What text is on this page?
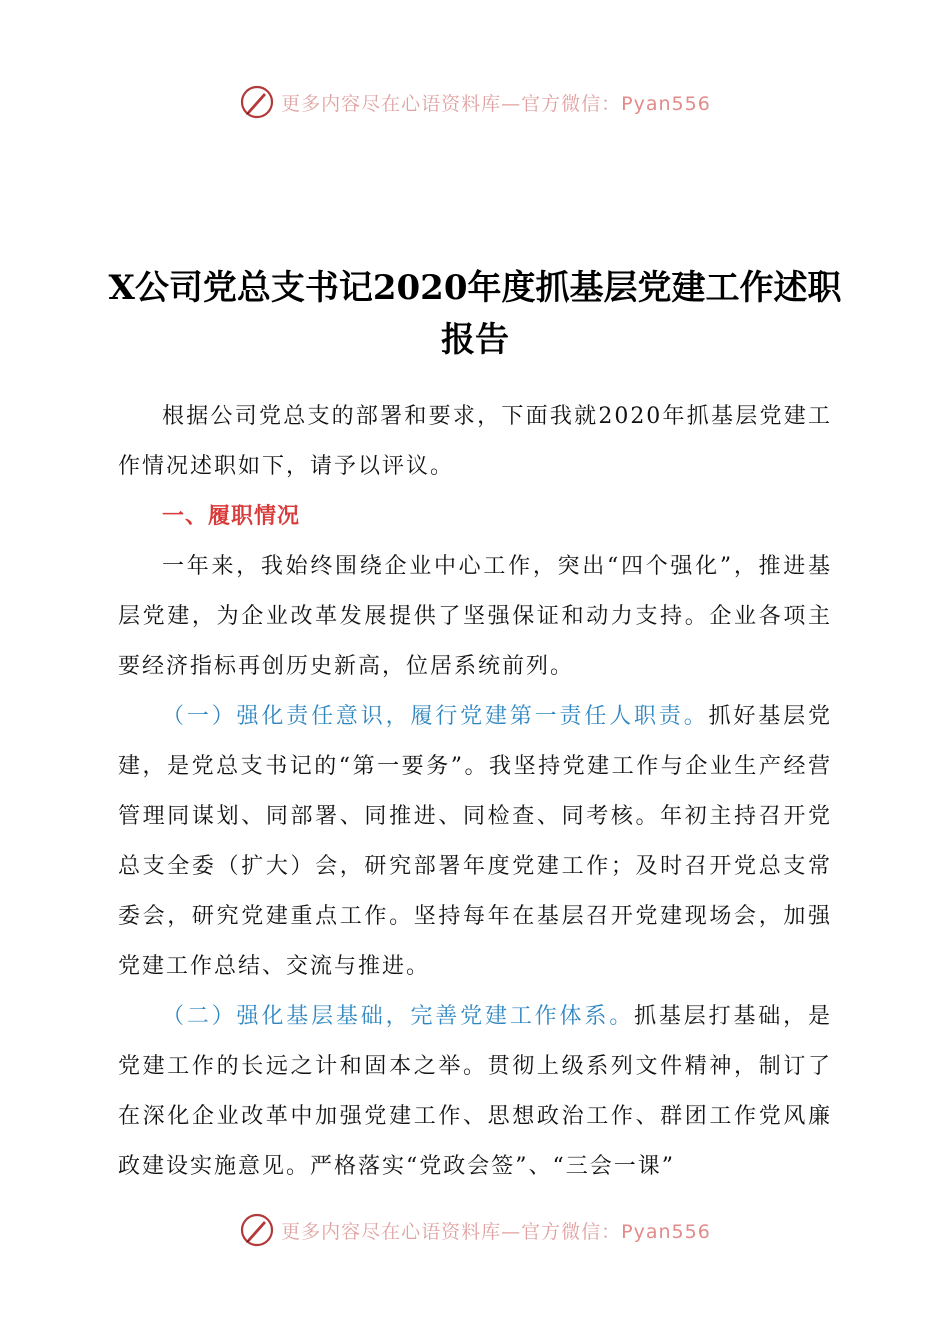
更多内容尽在心语资料库—官方微信：Pyan556
X公司党总支书记2020年度抓基层党建工作述职报告

根据公司党总支的部署和要求，下面我就2020年抓基层党建工作情况述职如下，请予以评议。

一、履职情况

一年来，我始终围绕企业中心工作，突出“四个强化”，推进基层党建，为企业改革发展提供了坚强保证和动力支持。企业各项主要经济指标再创历史新高，位居系统前列。

（一）强化责任意识，履行党建第一责任人职责。抓好基层党建，是党总支书记的“第一要务”。我坚持党建工作与企业生产经营管理同谋划、同部署、同推进、同检查、同考核。年初主持召开党总支全委（扩大）会，研究部署年度党建工作；及时召开党总支常委会，研究党建重点工作。坚持每年在基层召开党建现场会，加强党建工作总结、交流与推进。

（二）强化基层基础，完善党建工作体系。抓基层打基础，是党建工作的长远之计和固本之举。贯彻上级系列文件精神，制订了在深化企业改革中加强党建工作、思想政治工作、群团工作党风廉政建设实施意见。严格落实“党政会签”、“三会一课”

更多内容尽在心语资料库—官方微信：Pyan556
